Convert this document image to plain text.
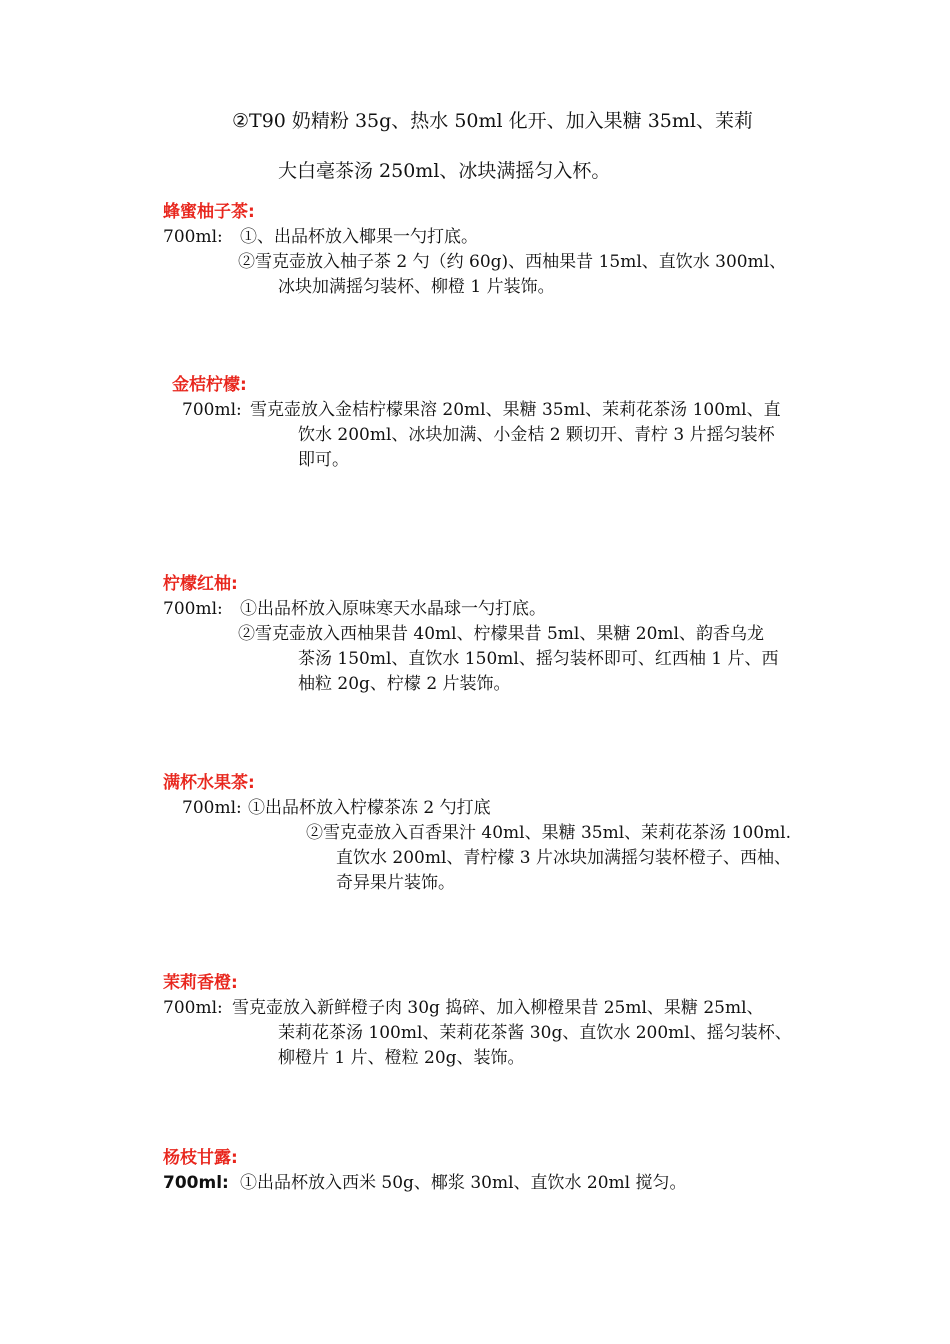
②T90 奶精粉 35g、热水 50ml 化开、加入果糖 35ml、茉莉
大白毫茶汤 250ml、冰块满摇匀入杯。
蜂蜜柚子茶:
700ml: ①、出品杯放入椰果一勺打底。
②雪克壶放入柚子茶 2 勺（约 60g)、西柚果昔 15ml、直饮水 300ml、
冰块加满摇匀装杯、柳橙 1 片装饰。
金桔柠檬:
700ml: 雪克壶放入金桔柠檬果溶 20ml、果糖 35ml、茉莉花茶汤 100ml、直
饮水 200ml、冰块加满、小金桔 2 颗切开、青柠 3 片摇匀装杯
即可。
柠檬红柚:
700ml: ①出品杯放入原味寒天水晶球一勺打底。
②雪克壶放入西柚果昔 40ml、柠檬果昔 5ml、果糖 20ml、韵香乌龙
茶汤 150ml、直饮水 150ml、摇匀装杯即可、红西柚 1 片、西
柚粒 20g、柠檬 2 片装饰。
满杯水果茶:
700ml: ①出品杯放入柠檬茶冻 2 勺打底
②雪克壶放入百香果汁 40ml、果糖 35ml、茉莉花茶汤 100ml.
直饮水 200ml、青柠檬 3 片冰块加满摇匀装杯橙子、西柚、
奇异果片装饰。
茉莉香橙:
700ml: 雪克壶放入新鲜橙子肉 30g 捣碎、加入柳橙果昔 25ml、果糖 25ml、
茉莉花茶汤 100ml、茉莉花茶酱 30g、直饮水 200ml、摇匀装杯、
柳橙片 1 片、橙粒 20g、装饰。
杨枝甘露:
700ml: ①出品杯放入西米 50g、椰浆 30ml、直饮水 20ml 搅匀。
